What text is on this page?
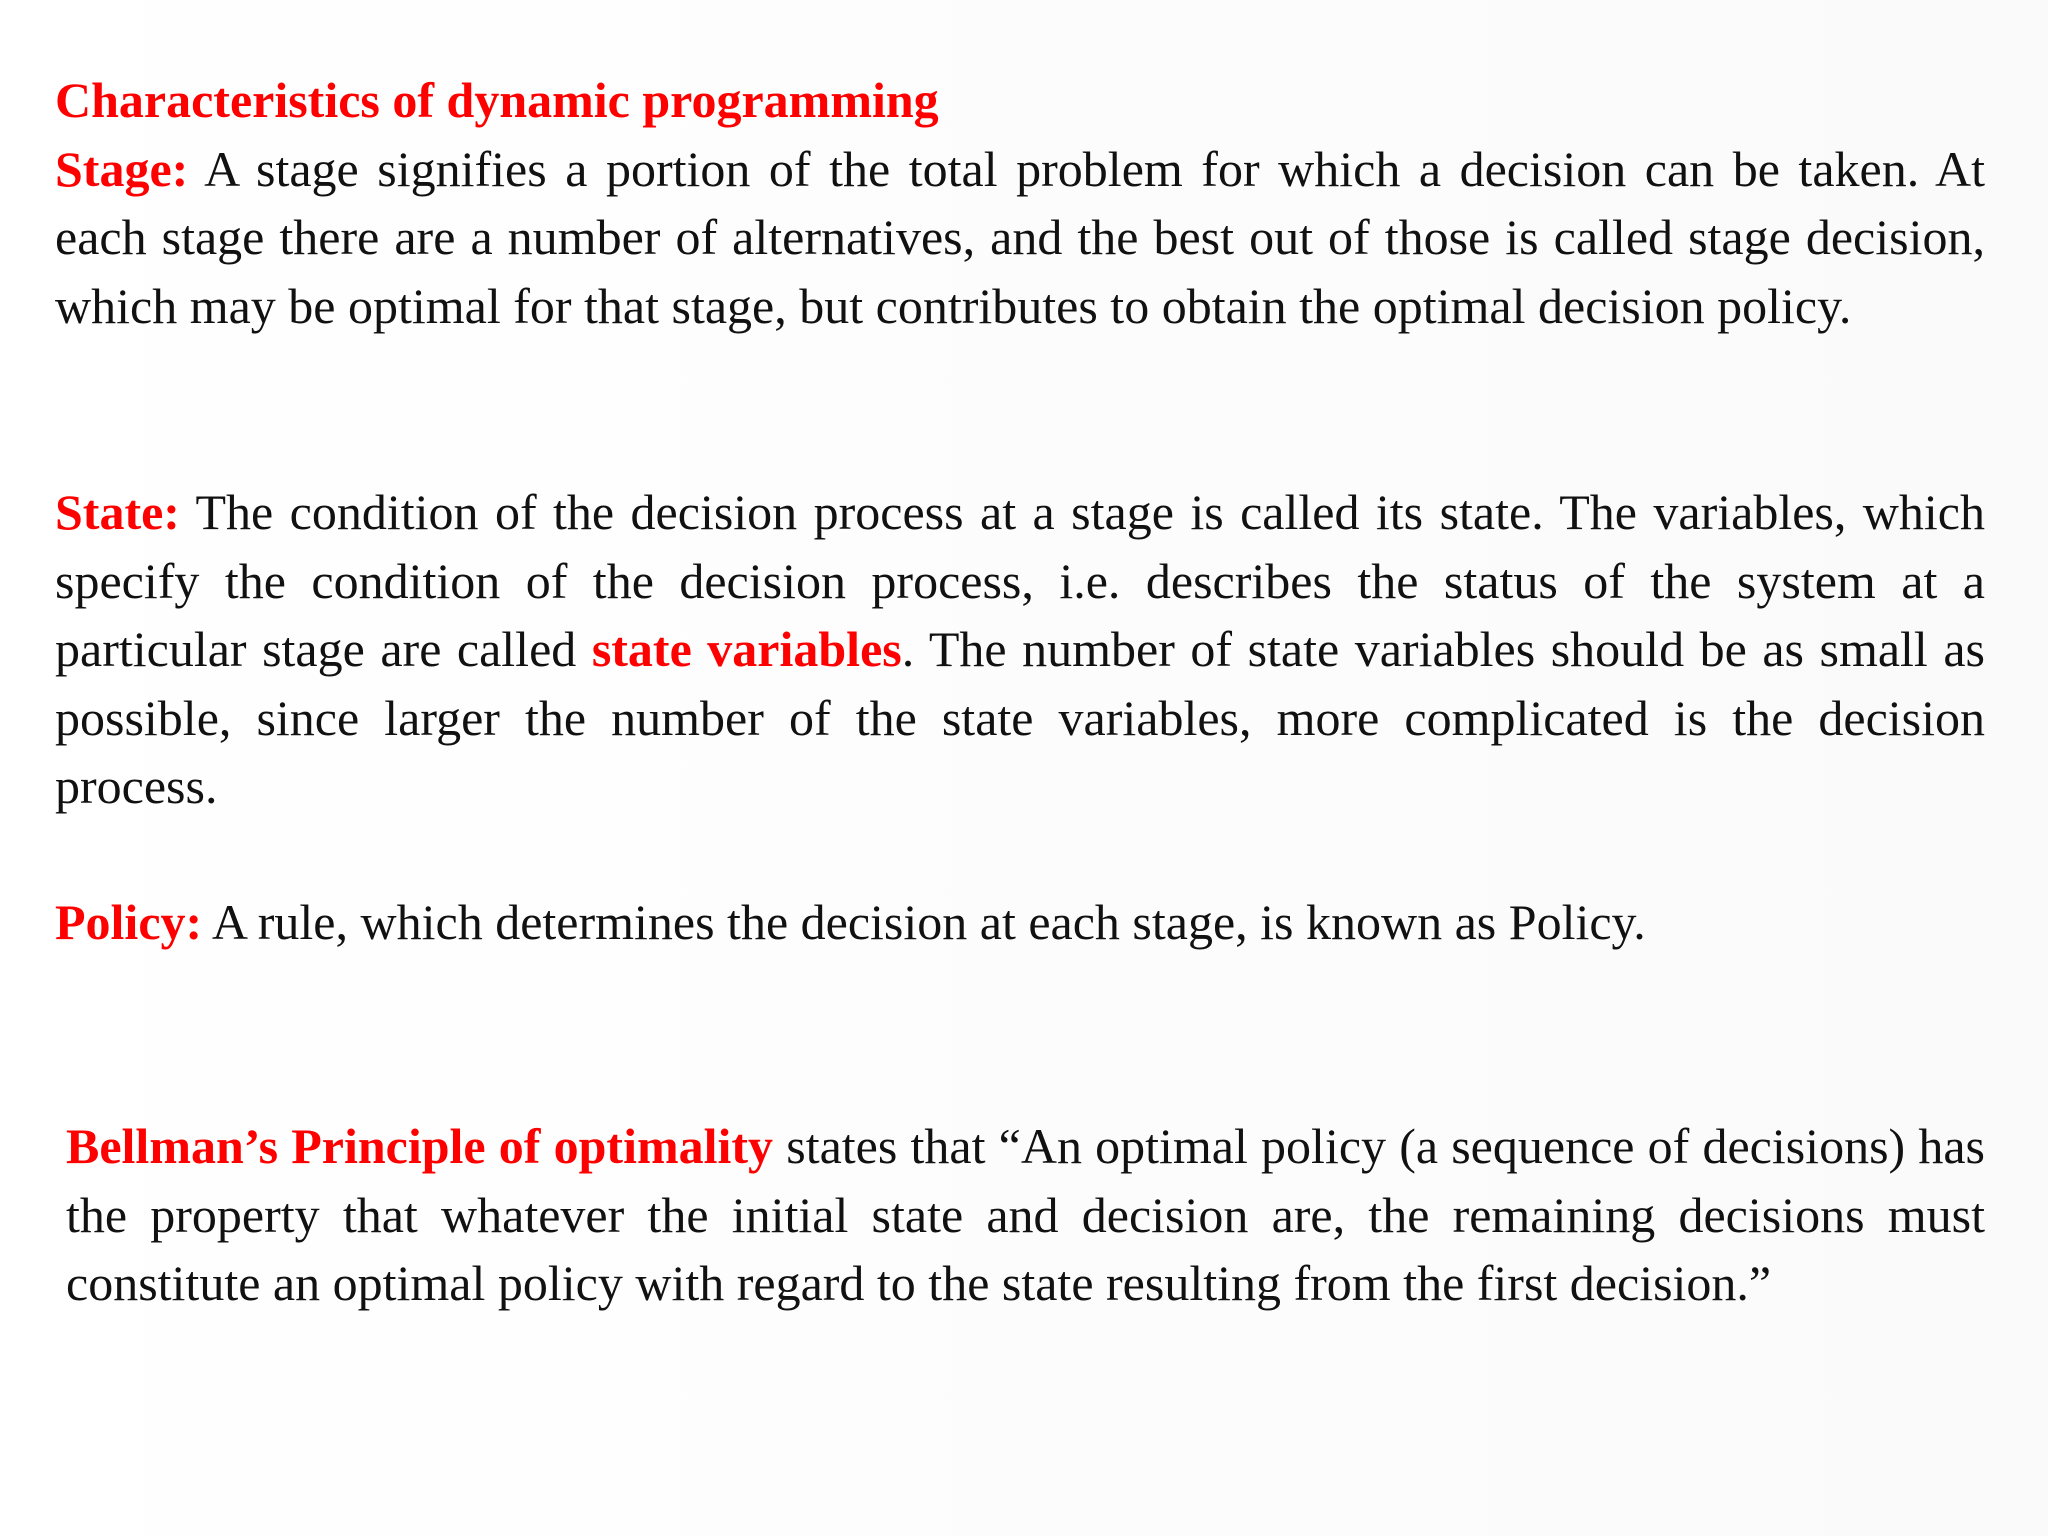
Characteristics of dynamic programming
Stage: A stage signifies a portion of the total problem for which a decision can be taken. At each stage there are a number of alternatives, and the best out of those is called stage decision, which may be optimal for that stage, but contributes to obtain the optimal decision policy.

State: The condition of the decision process at a stage is called its state. The variables, which specify the condition of the decision process, i.e. describes the status of the system at a particular stage are called state variables. The number of state variables should be as small as possible, since larger the number of the state variables, more complicated is the decision process.

Policy: A rule, which determines the decision at each stage, is known as Policy.

Bellman’s Principle of optimality states that “An optimal policy (a sequence of decisions) has the property that whatever the initial state and decision are, the remaining decisions must constitute an optimal policy with regard to the state resulting from the first decision.”
